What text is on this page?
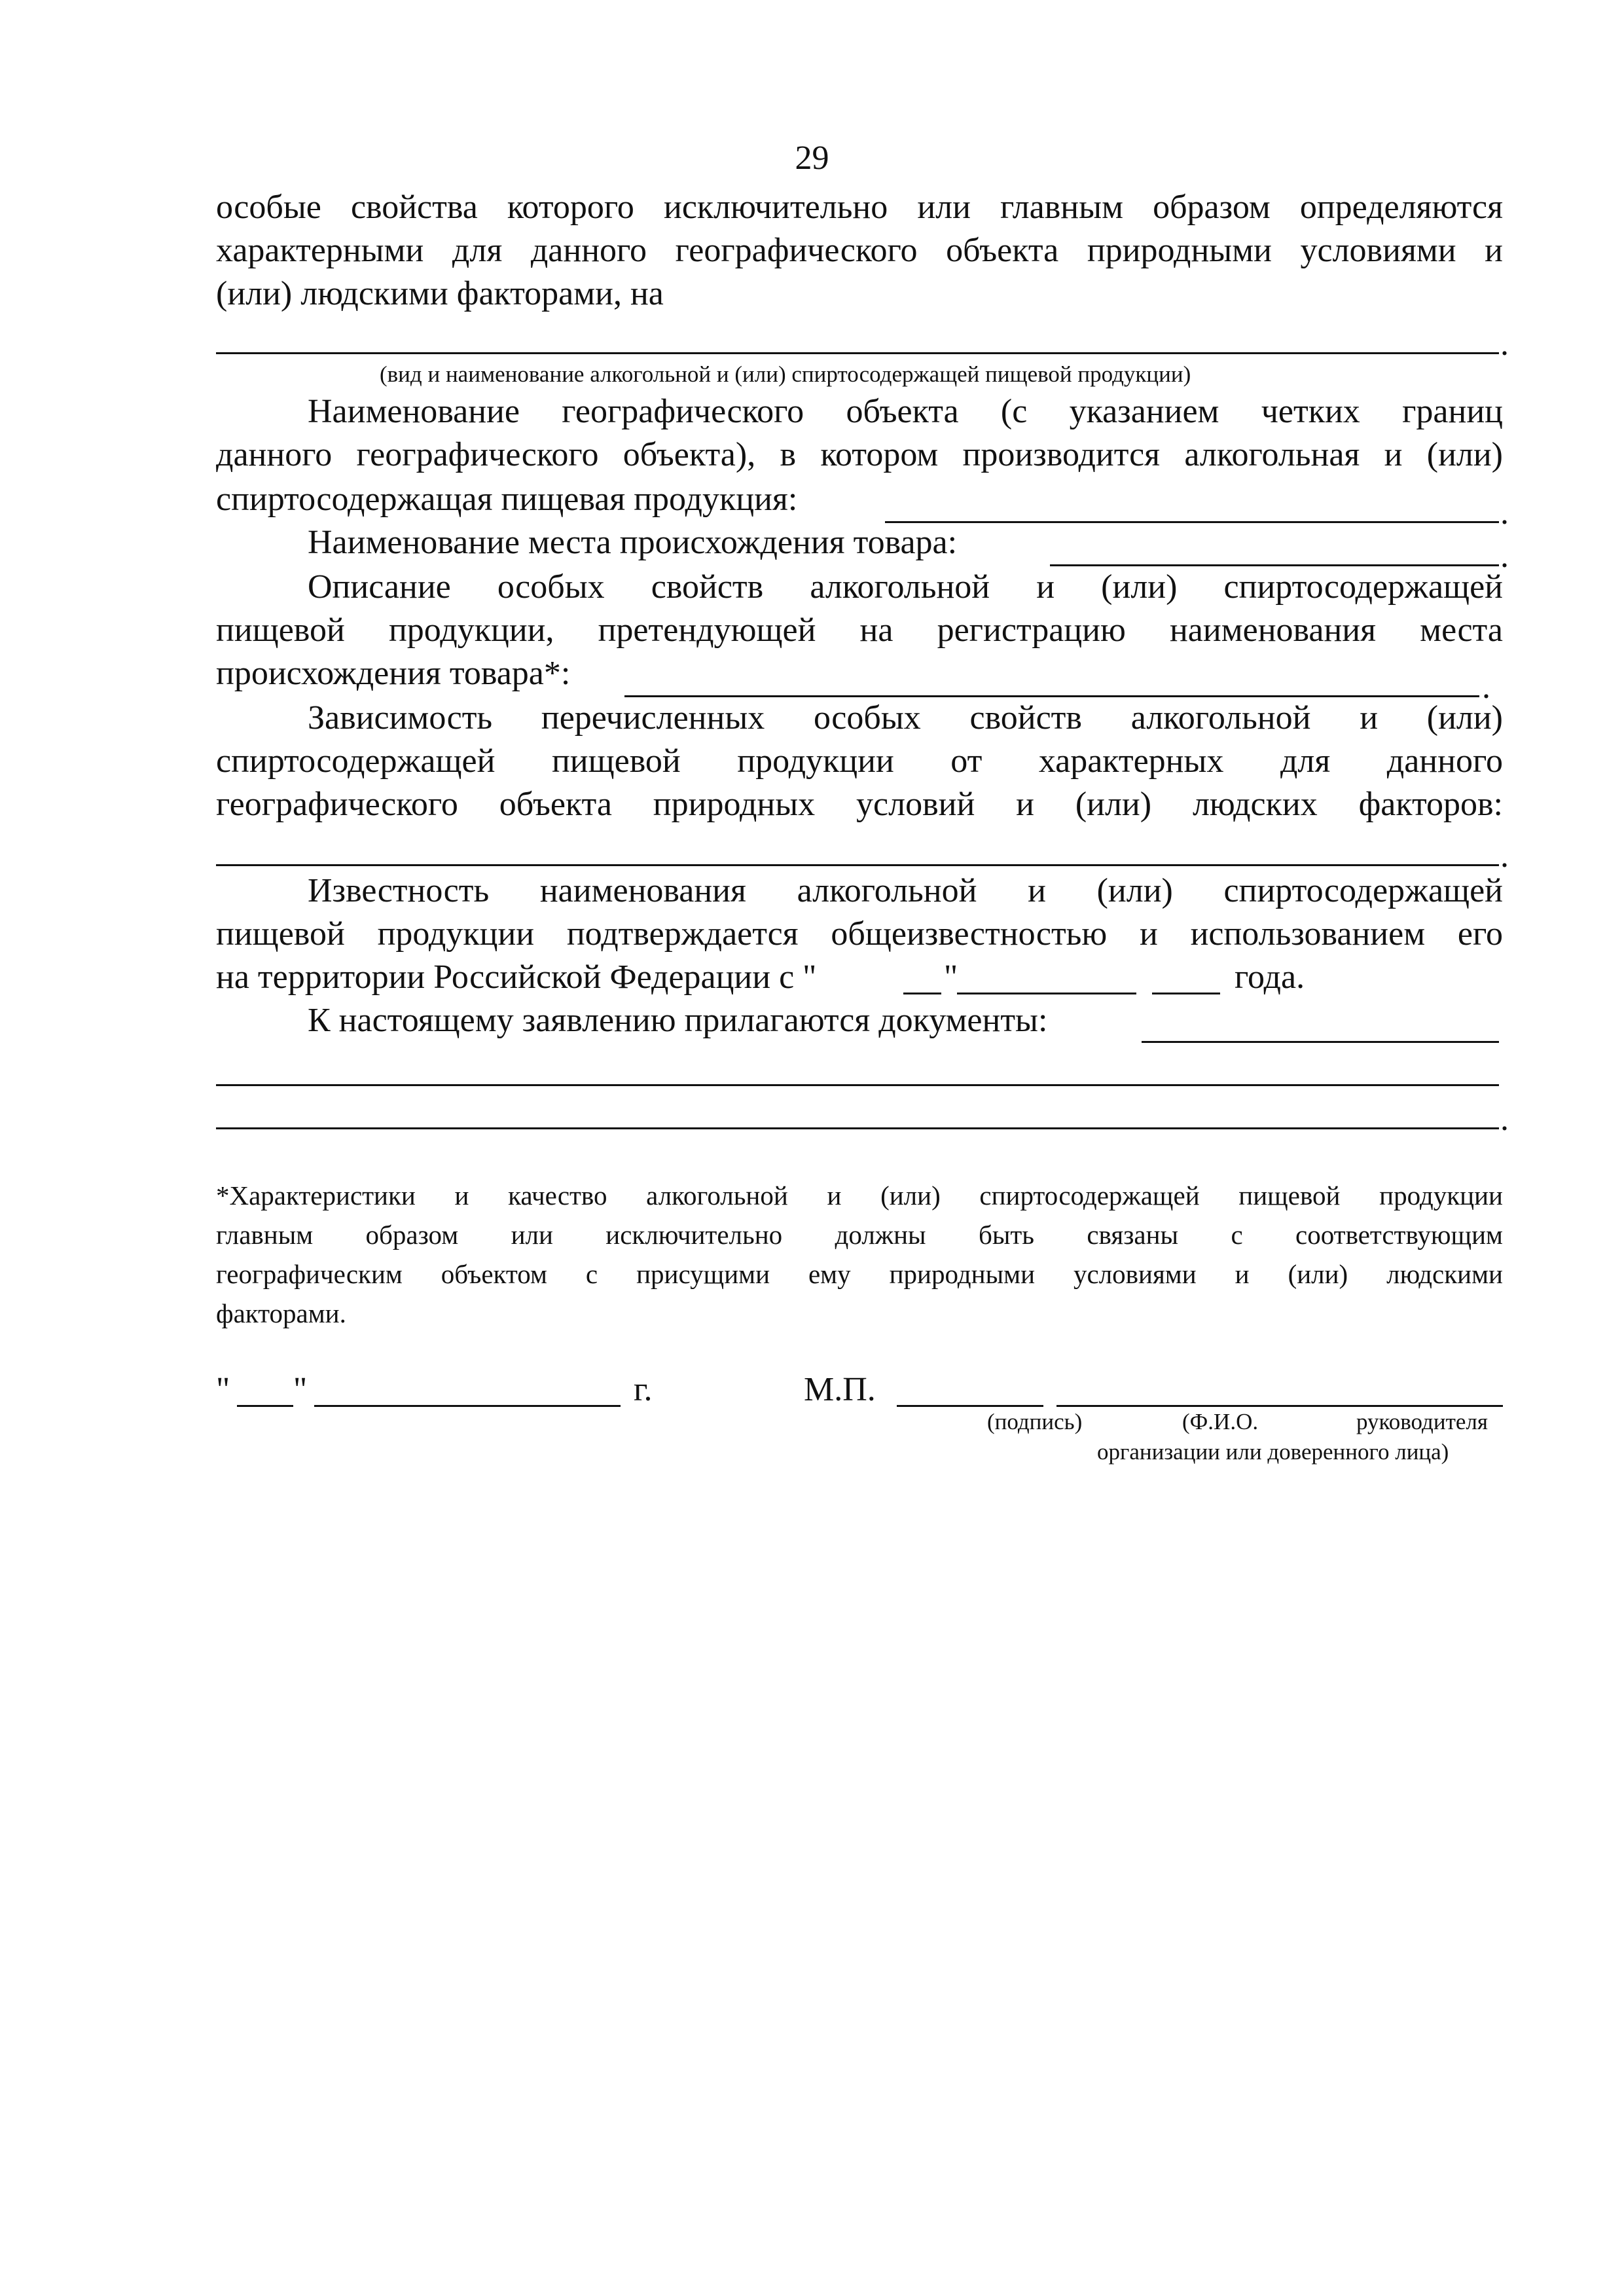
29
особые свойства которого исключительно или главным образом определяются
характерными для данного географического объекта природными условиями и
(или) людскими факторами, на
.
(вид и наименование алкогольной и (или) спиртосодержащей пищевой продукции)
Наименование географического объекта (с указанием четких границ
данного географического объекта), в котором производится алкогольная и (или)
спиртосодержащая пищевая продукция:	.
Наименование места происхождения товара:	.
Описание особых свойств алкогольной и (или) спиртосодержащей
пищевой продукции, претендующей на регистрацию наименования места
происхождения товара*:	.
Зависимость перечисленных особых свойств алкогольной и (или)
спиртосодержащей пищевой продукции от характерных для данного
географического объекта природных условий и (или) людских факторов:
.
Известность наименования алкогольной и (или) спиртосодержащей
пищевой продукции подтверждается общеизвестностью и использованием его
на территории Российской Федерации с "	"	года.
К настоящему заявлению прилагаются документы:
.
*Характеристики и качество алкогольной и (или) спиртосодержащей пищевой продукции
главным образом или исключительно должны быть связаны с соответствующим
географическим объектом с присущими ему природными условиями и (или) людскими
факторами.
" "	г.	М.П.
(подпись)	(Ф.И.О.	руководителя
организации или доверенного лица)
